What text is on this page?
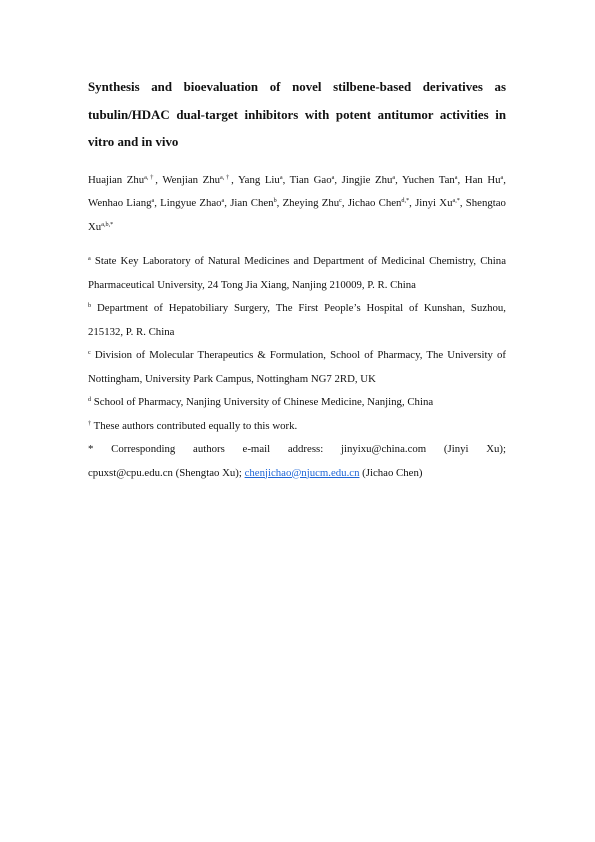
Synthesis and bioevaluation of novel stilbene-based derivatives as tubulin/HDAC dual-target inhibitors with potent antitumor activities in vitro and in vivo
Huajian Zhu$^{a,\dagger}$, Wenjian Zhu$^{a,\dagger}$, Yang Liu$^a$, Tian Gao$^a$, Jingjie Zhu$^a$, Yuchen Tan$^a$, Han Hu$^a$, Wenhao Liang$^a$, Lingyue Zhao$^a$, Jian Chen$^b$, Zheying Zhu$^c$, Jichao Chen$^{d,*}$, Jinyi $Xu^{a,*}$, Shengtao $Xu^{a,b,*}$

$^a$ State Key Laboratory of Natural Medicines and Department of Medicinal Chemistry, China Pharmaceutical University, 24 Tong Jia Xiang, Nanjing 210009, P. R. China

$^b$ Department of Hepatobiliary Surgery, The First People’s Hospital of Kunshan, Suzhou, 215132, P. R. China

$^c$ Division of Molecular Therapeutics & Formulation, School of Pharmacy, The University of Nottingham, University Park Campus, Nottingham NG7 2RD, UK

$^d$ School of Pharmacy, Nanjing University of Chinese Medicine, Nanjing, China

† These authors contributed equally to this work.

* Corresponding authors e-mail address: jinyixu@china.com (Jinyi Xu);
cpuxst@cpu.edu.cn (Shengtao Xu); chenjichao@njucm.edu.cn (Jichao Chen)
